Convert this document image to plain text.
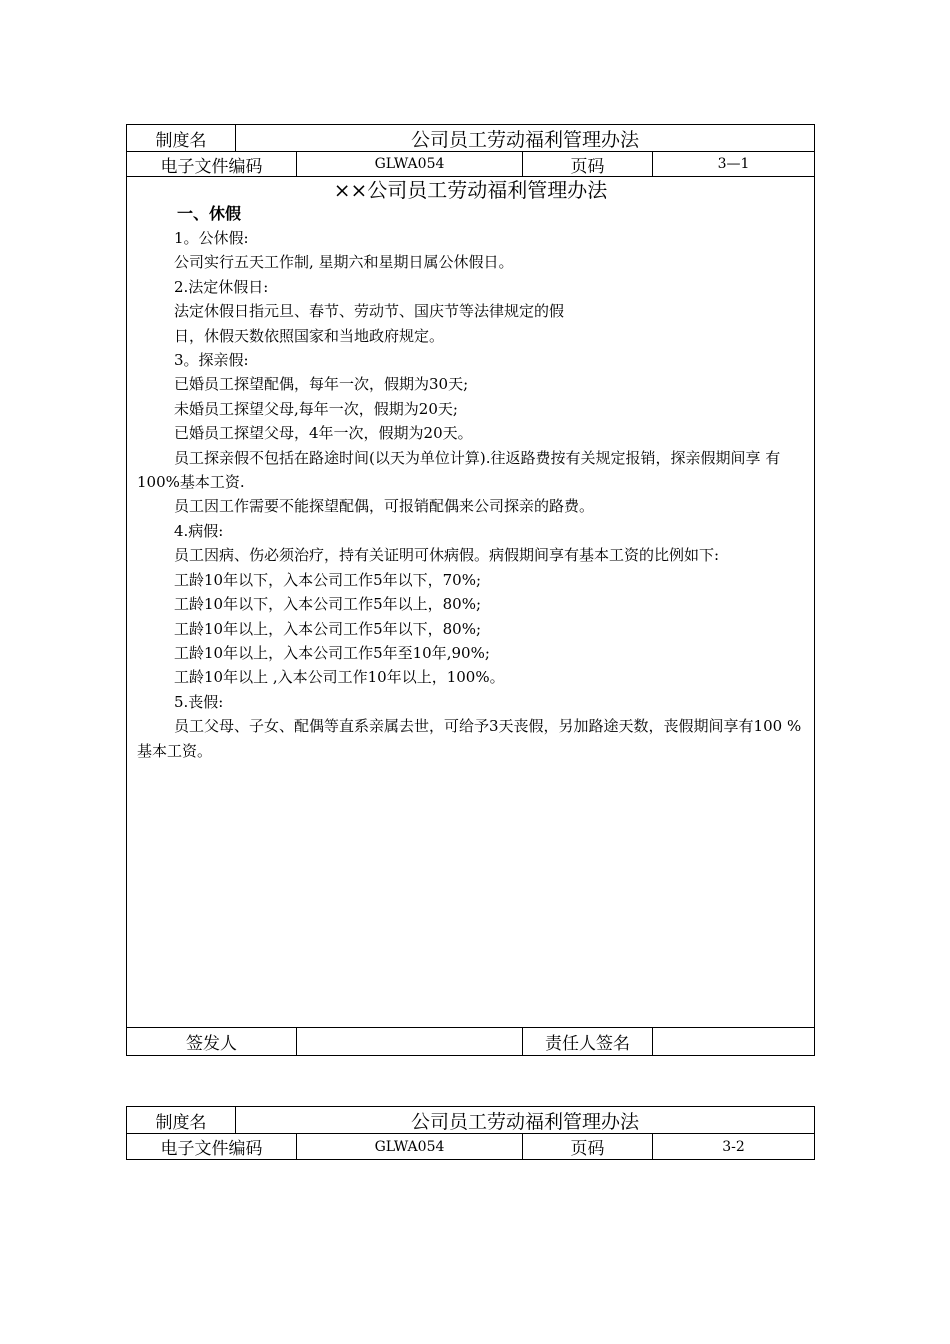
制度名	公司员工劳动福利管理办法
电子文件编码	GLWA054	页码	3—1
××公司员工劳动福利管理办法
一、休假
1。公休假:
公司实行五天工作制, 星期六和星期日属公休假日。
2.法定休假日:
法定休假日指元旦、春节、劳动节、国庆节等法律规定的假
日，休假天数依照国家和当地政府规定。
3。探亲假:
已婚员工探望配偶，每年一次，假期为30天;
未婚员工探望父母,每年一次，假期为20天;
已婚员工探望父母，4年一次，假期为20天。
员工探亲假不包括在路途时间(以天为单位计算).往返路费按有关规定报销，探亲假期间享 有100%基本工资.
员工因工作需要不能探望配偶，可报销配偶来公司探亲的路费。
4.病假:
员工因病、伤必须治疗，持有关证明可休病假。病假期间享有基本工资的比例如下:
工龄10年以下，入本公司工作5年以下，70%;
工龄10年以下，入本公司工作5年以上，80%;
工龄10年以上，入本公司工作5年以下，80%;
工龄10年以上，入本公司工作5年至10年,90%;
工龄10年以上 ,入本公司工作10年以上，100%。
5.丧假:
员工父母、子女、配偶等直系亲属去世，可给予3天丧假，另加路途天数，丧假期间享有100 %基本工资。
签发人	责任人签名
制度名	公司员工劳动福利管理办法
电子文件编码	GLWA054	页码	3-2
